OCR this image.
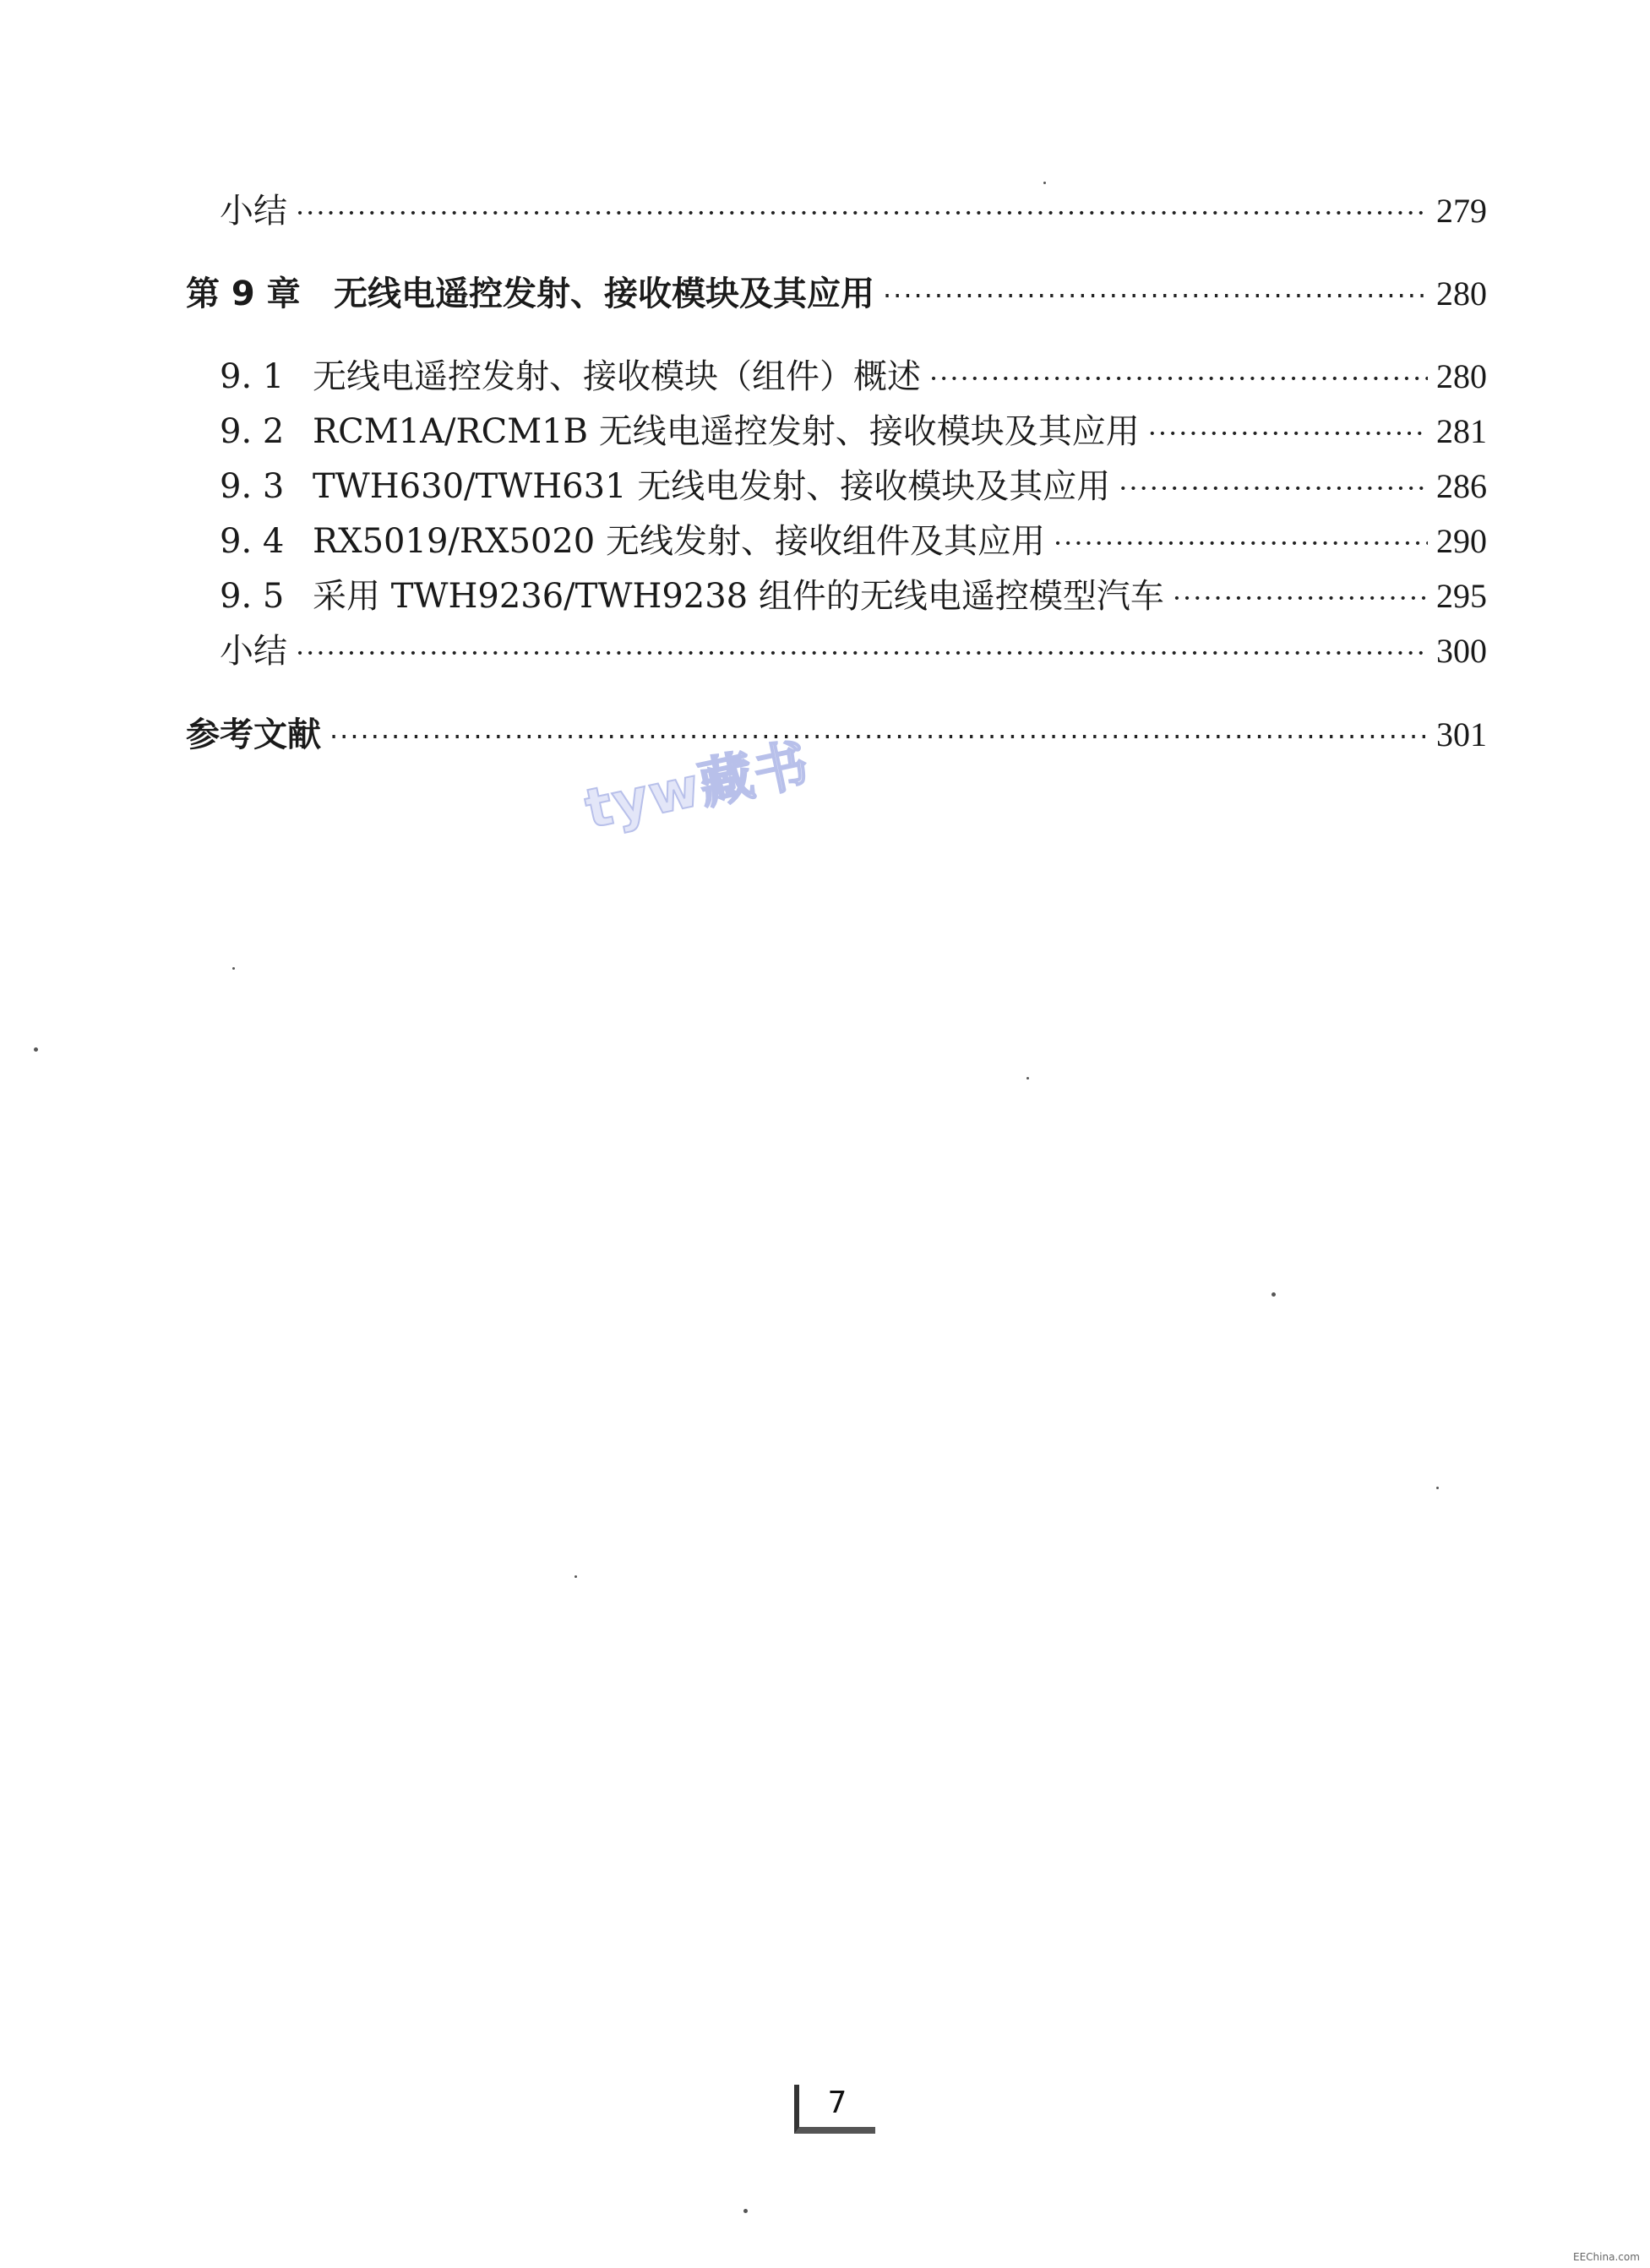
小结 ·····	279
第 9 章 无线电遥控发射、接收模块及其应用 ·····	280
9. 1 无线电遥控发射、接收模块（组件）概述 ·····	280
9. 2 RCM1A/RCM1B 无线电遥控发射、接收模块及其应用 ·····	281
9. 3 TWH630/TWH631 无线电发射、接收模块及其应用 ·····	286
9. 4 RX5019/RX5020 无线发射、接收组件及其应用 ·····	290
9. 5 采用 TWH9236/TWH9238 组件的无线电遥控模型汽车 ·····	295
小结 ·····	300
参考文献 ·····	301
tyw藏书
7
EEChina.com
